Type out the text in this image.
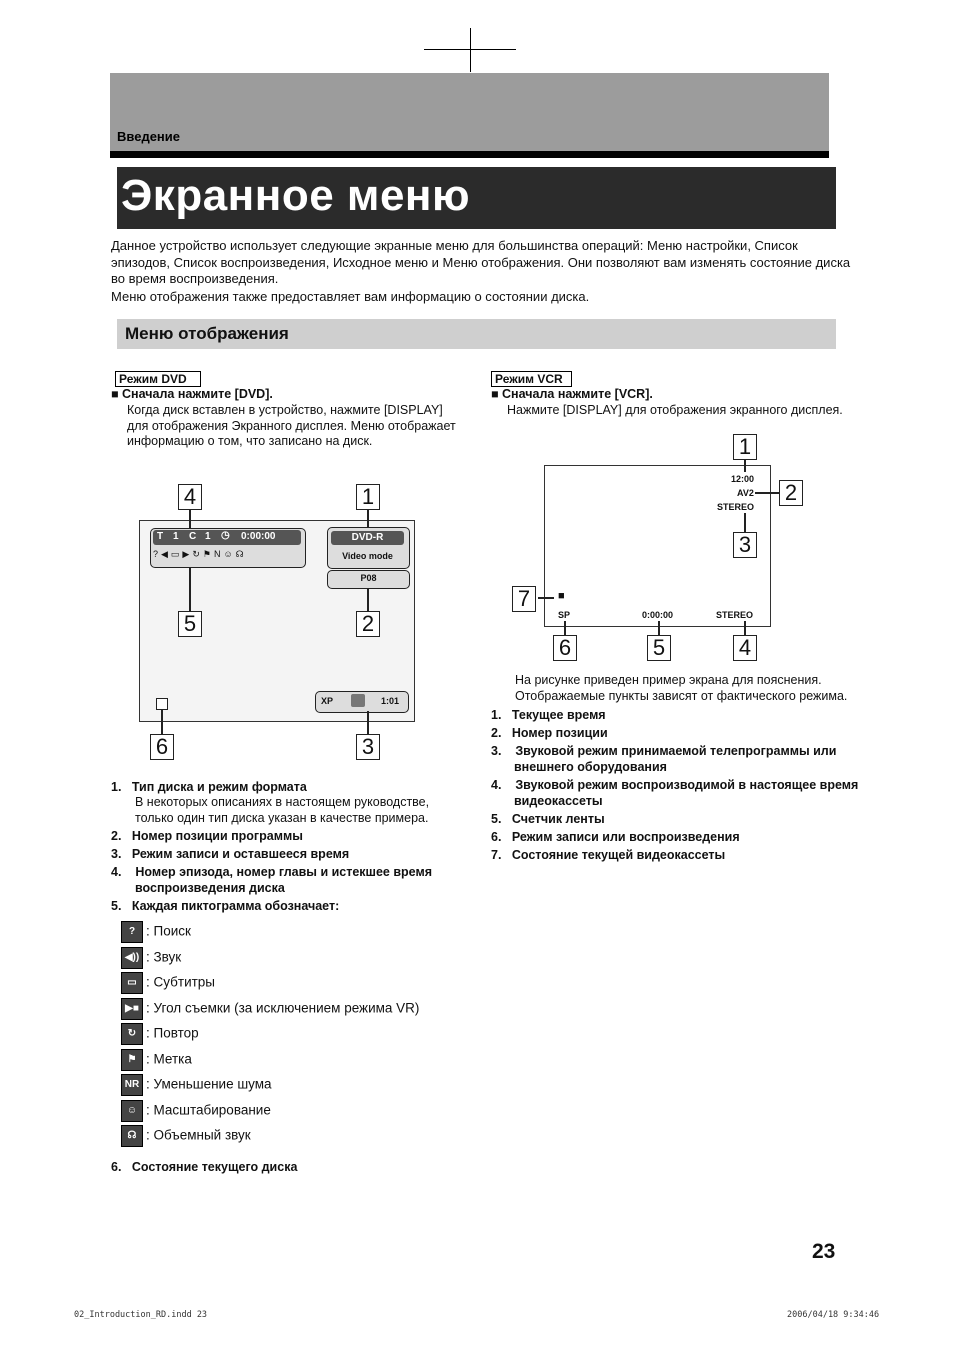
Введение
Экранное меню

Данное устройство использует следующие экранные меню для большинства операций: Меню настройки, Список эпизодов, Список воспроизведения, Исходное меню и Меню отображения. Они позволяют вам изменять состояние диска во время воспроизведения.

Меню отображения также предоставляет вам информацию о состоянии диска.

Меню отображения
Режим DVD
■ Сначала нажмите [DVD].
Когда диск вставлен в устройство, нажмите [DISPLAY] для отображения Экранного дисплея. Меню отображает информацию о том, что записано на диск.
T 1 C 1 ◷ 0:00:00
?◀▭▶↻⚑N☺☊
DVD-R
Video mode
P08
XP	1:01
4	1
5	2
6	3
1. Тип диска и режим формата
В некоторых описаниях в настоящем руководстве, только один тип диска указан в качестве примера.
2. Номер позиции программы
3. Режим записи и оставшееся время
4. Номер эпизода, номер главы и истекшее время воспроизведения диска
5. Каждая пиктограмма обозначает:
? : Поиск
◀)) : Звук
▭ : Субтитры
▶■ : Угол съемки (за исключением режима VR)
↻ : Повтор
⚑ : Метка
NR : Уменьшение шума
☺ : Масштабирование
☊ : Объемный звук
6. Состояние текущего диска
Режим VCR
■ Сначала нажмите [VCR].
Нажмите [DISPLAY] для отображения экранного дисплея.
12:00
AV2
STEREO
■
SP	0:00:00	STEREO
1
2
3
7
6	5	4
На рисунке приведен пример экрана для пояснения. Отображаемые пункты зависят от фактического режима.
1. Текущее время
2. Номер позиции
3. Звуковой режим принимаемой телепрограммы или внешнего оборудования
4. Звуковой режим воспроизводимой в настоящее время видеокассеты
5. Счетчик ленты
6. Режим записи или воспроизведения
7. Состояние текущей видеокассеты
23
02_Introduction_RD.indd 23	2006/04/18 9:34:46
